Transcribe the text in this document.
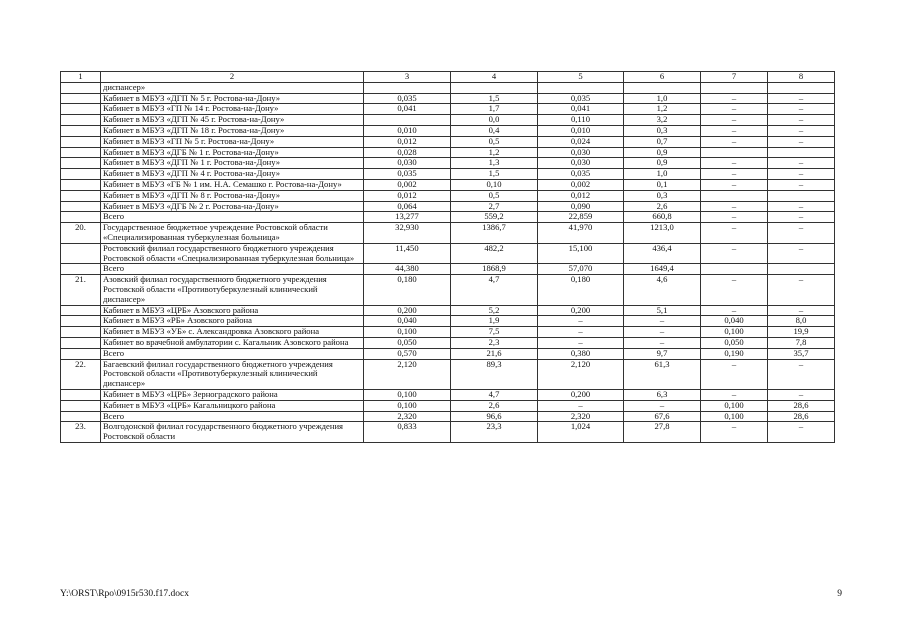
1	2	3	4	5	6	7	8
	диспансер»						
	Кабинет в МБУЗ «ДГП № 5 г. Ростова-на-Дону»	0,035	1,5	0,035	1,0	–	–
	Кабинет в МБУЗ «ГП № 14 г. Ростова-на-Дону»	0,041	1,7	0,041	1,2	–	–
	Кабинет в МБУЗ «ДГП № 45 г. Ростова-на-Дону»		0,0	0,110	3,2	–	–
	Кабинет в МБУЗ «ДГП № 18 г. Ростова-на-Дону»	0,010	0,4	0,010	0,3	–	–
	Кабинет в МБУЗ «ГП № 5 г. Ростова-на-Дону»	0,012	0,5	0,024	0,7	–	–
	Кабинет в МБУЗ «ДГБ № 1 г. Ростова-на-Дону»	0,028	1,2	0,030	0,9		
	Кабинет в МБУЗ «ДГП № 1 г. Ростова-на-Дону»	0,030	1,3	0,030	0,9	–	–
	Кабинет в МБУЗ «ДГП № 4 г. Ростова-на-Дону»	0,035	1,5	0,035	1,0	–	–
	Кабинет в МБУЗ «ГБ № 1 им. Н.А. Семашко г. Ростова-на-Дону»	0,002	0,10	0,002	0,1	–	–
	Кабинет в МБУЗ «ДГП № 8 г. Ростова-на-Дону»	0,012	0,5	0,012	0,3		
	Кабинет в МБУЗ «ДГБ № 2 г. Ростова-на-Дону»	0,064	2,7	0,090	2,6	–	–
	Всего	13,277	559,2	22,859	660,8	–	–
20.	Государственное бюджетное учреждение Ростовской области «Специализированная туберкулезная больница»	32,930	1386,7	41,970	1213,0	–	–
	Ростовский филиал государственного бюджетного учреждения Ростовской области «Специализированная туберкулезная больница»	11,450	482,2	15,100	436,4	–	–
	Всего	44,380	1868,9	57,070	1649,4		
21.	Азовский филиал государственного бюджетного учреждения Ростовской области «Противотуберкулезный клинический диспансер»	0,180	4,7	0,180	4,6	–	–
	Кабинет в МБУЗ «ЦРБ» Азовского района	0,200	5,2	0,200	5,1	–	–
	Кабинет в МБУЗ «РБ» Азовского района	0,040	1,9	–	–	0,040	8,0
	Кабинет в МБУЗ «УБ» с. Александровка Азовского района	0,100	7,5	–	–	0,100	19,9
	Кабинет во врачебной амбулатории с. Кагальник Азовского района	0,050	2,3	–	–	0,050	7,8
	Всего	0,570	21,6	0,380	9,7	0,190	35,7
22.	Багаевский филиал государственного бюджетного учреждения Ростовской области «Противотуберкулезный клинический диспансер»	2,120	89,3	2,120	61,3	–	–
	Кабинет в МБУЗ «ЦРБ» Зерноградского района	0,100	4,7	0,200	6,3	–	–
	Кабинет в МБУЗ «ЦРБ» Кагальницкого района	0,100	2,6	–	–	0,100	28,6
	Всего	2,320	96,6	2,320	67,6	0,100	28,6
23.	Волгодонской филиал государственного бюджетного учреждения Ростовской области	0,833	23,3	1,024	27,8	–	–
Y:\ORST\Rpo\0915r530.f17.docx	9
